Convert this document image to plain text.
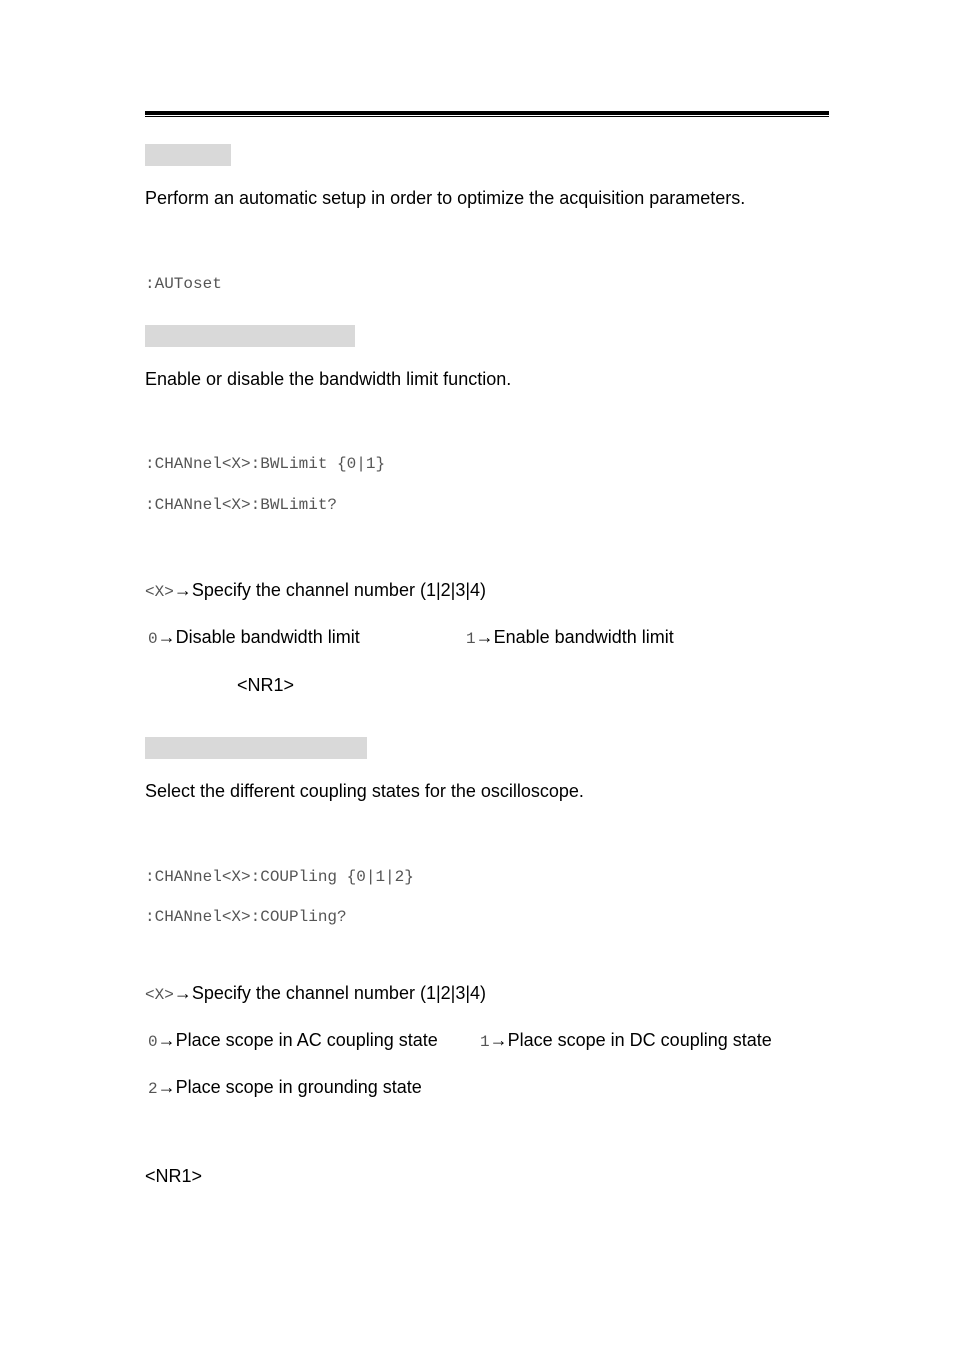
Perform an automatic setup in order to optimize the acquisition parameters.
:AUToset
Enable or disable the bandwidth limit function.
:CHANnel<X>:BWLimit {0|1}
:CHANnel<X>:BWLimit?
<X>→Specify the channel number (1|2|3|4)
0→Disable bandwidth limit	1→Enable bandwidth limit
<NR1>
Select the different coupling states for the oscilloscope.
:CHANnel<X>:COUPling {0|1|2}
:CHANnel<X>:COUPling?
<X>→Specify the channel number (1|2|3|4)
0→Place scope in AC coupling state	1→Place scope in DC coupling state
2→Place scope in grounding state
<NR1>
